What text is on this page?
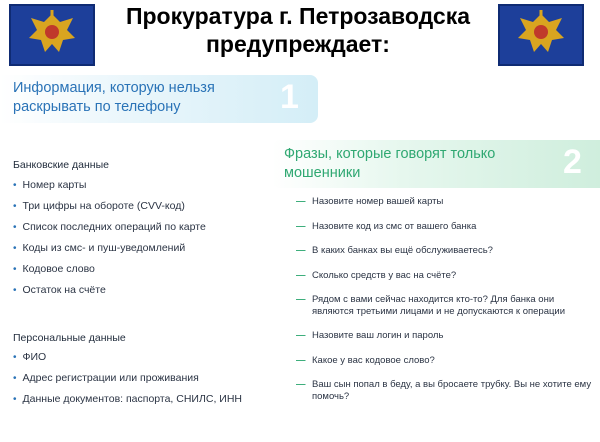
Прокуратура г. Петрозаводска предупреждает:
Информация, которую нельзя раскрывать по телефону	1
Фразы, которые говорят только мошенники	2
Банковские данные
• Номер карты
• Три цифры на обороте (CVV-код)
• Список последних операций по карте
• Коды из смс- и пуш-уведомлений
• Кодовое слово
• Остаток на счёте
Персональные данные
• ФИО
• Адрес регистрации или проживания
• Данные документов: паспорта, СНИЛС, ИНН
— Назовите номер вашей карты
— Назовите код из смс от вашего банка
— В каких банках вы ещё обслуживаетесь?
— Сколько средств у вас на счёте?
— Рядом с вами сейчас находится кто-то? Для банка они являются третьими лицами и не допускаются к операции
— Назовите ваш логин и пароль
— Какое у вас кодовое слово?
— Ваш сын попал в беду, а вы бросаете трубку. Вы не хотите ему помочь?
